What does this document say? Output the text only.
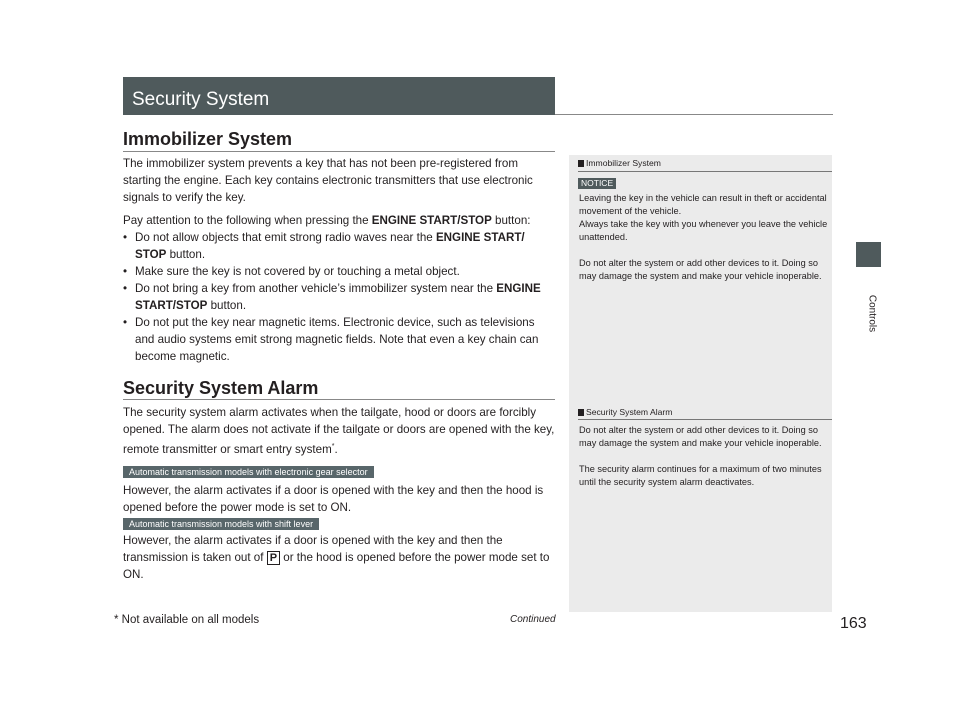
Security System
Immobilizer System

The immobilizer system prevents a key that has not been pre-registered from starting the engine. Each key contains electronic transmitters that use electronic signals to verify the key.

Pay attention to the following when pressing the ENGINE START/STOP button:

• Do not allow objects that emit strong radio waves near the ENGINE START/ STOP button.

• Make sure the key is not covered by or touching a metal object.

• Do not bring a key from another vehicle’s immobilizer system near the ENGINE START/STOP button.

• Do not put the key near magnetic items. Electronic device, such as televisions and audio systems emit strong magnetic fields. Note that even a key chain can become magnetic.

Security System Alarm

The security system alarm activates when the tailgate, hood or doors are forcibly opened. The alarm does not activate if the tailgate or doors are opened with the key, remote transmitter or smart entry system*.

Automatic transmission models with electronic gear selector
However, the alarm activates if a door is opened with the key and then the hood is opened before the power mode is set to ON.
Automatic transmission models with shift lever

However, the alarm activates if a door is opened with the key and then the transmission is taken out of P or the hood is opened before the power mode set to ON.

Immobilizer System
NOTICE

Leaving the key in the vehicle can result in theft or accidental movement of the vehicle.

Always take the key with you whenever you leave the vehicle unattended.

Do not alter the system or add other devices to it. Doing so may damage the system and make your vehicle inoperable.

Security System Alarm

Do not alter the system or add other devices to it. Doing so may damage the system and make your vehicle inoperable.

The security alarm continues for a maximum of two minutes until the security system alarm deactivates.

Controls
* Not available on all models	Continued	163
